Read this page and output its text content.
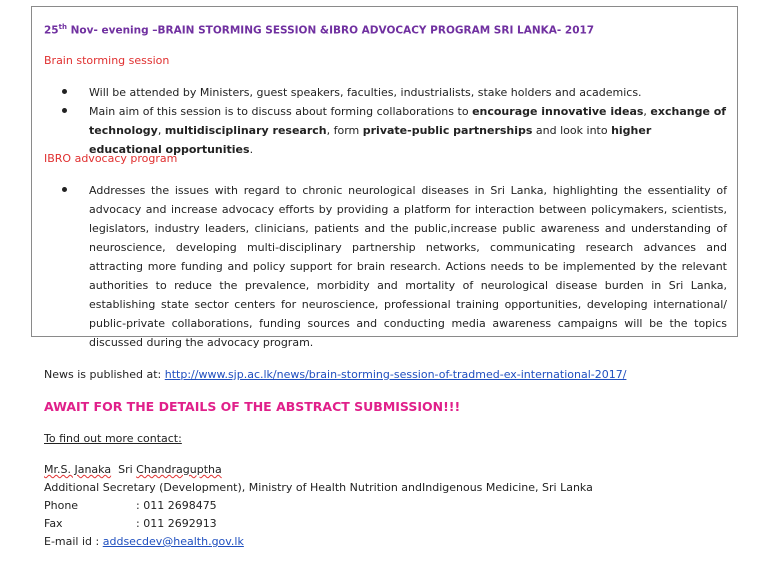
25th Nov- evening –BRAIN STORMING SESSION &IBRO ADVOCACY PROGRAM SRI LANKA- 2017
Brain storming session
Will be attended by Ministers, guest speakers, faculties, industrialists, stake holders and academics.
Main aim of this session is to discuss about forming collaborations to encourage innovative ideas, exchange of technology, multidisciplinary research, form private-public partnerships and look into higher educational opportunities.
IBRO advocacy program
Addresses the issues with regard to chronic neurological diseases in Sri Lanka, highlighting the essentiality of advocacy and increase advocacy efforts by providing a platform for interaction between policymakers, scientists, legislators, industry leaders, clinicians, patients and the public,increase public awareness and understanding of neuroscience, developing multi-disciplinary partnership networks, communicating research advances and attracting more funding and policy support for brain research. Actions needs to be implemented by the relevant authorities to reduce the prevalence, morbidity and mortality of neurological disease burden in Sri Lanka, establishing state sector centers for neuroscience, professional training opportunities, developing international/ public-private collaborations, funding sources and conducting media awareness campaigns will be the topics discussed during the advocacy program.
News is published at: http://www.sjp.ac.lk/news/brain-storming-session-of-tradmed-ex-international-2017/
AWAIT FOR THE DETAILS OF THE ABSTRACT SUBMISSION!!!
To find out more contact:
Mr.S. Janaka Sri Chandraguptha
Additional Secretary (Development), Ministry of Health Nutrition andIndigenous Medicine, Sri Lanka
Phone	: 011 2698475
Fax	: 011 2692913
E-mail id : addsecdev@health.gov.lk
